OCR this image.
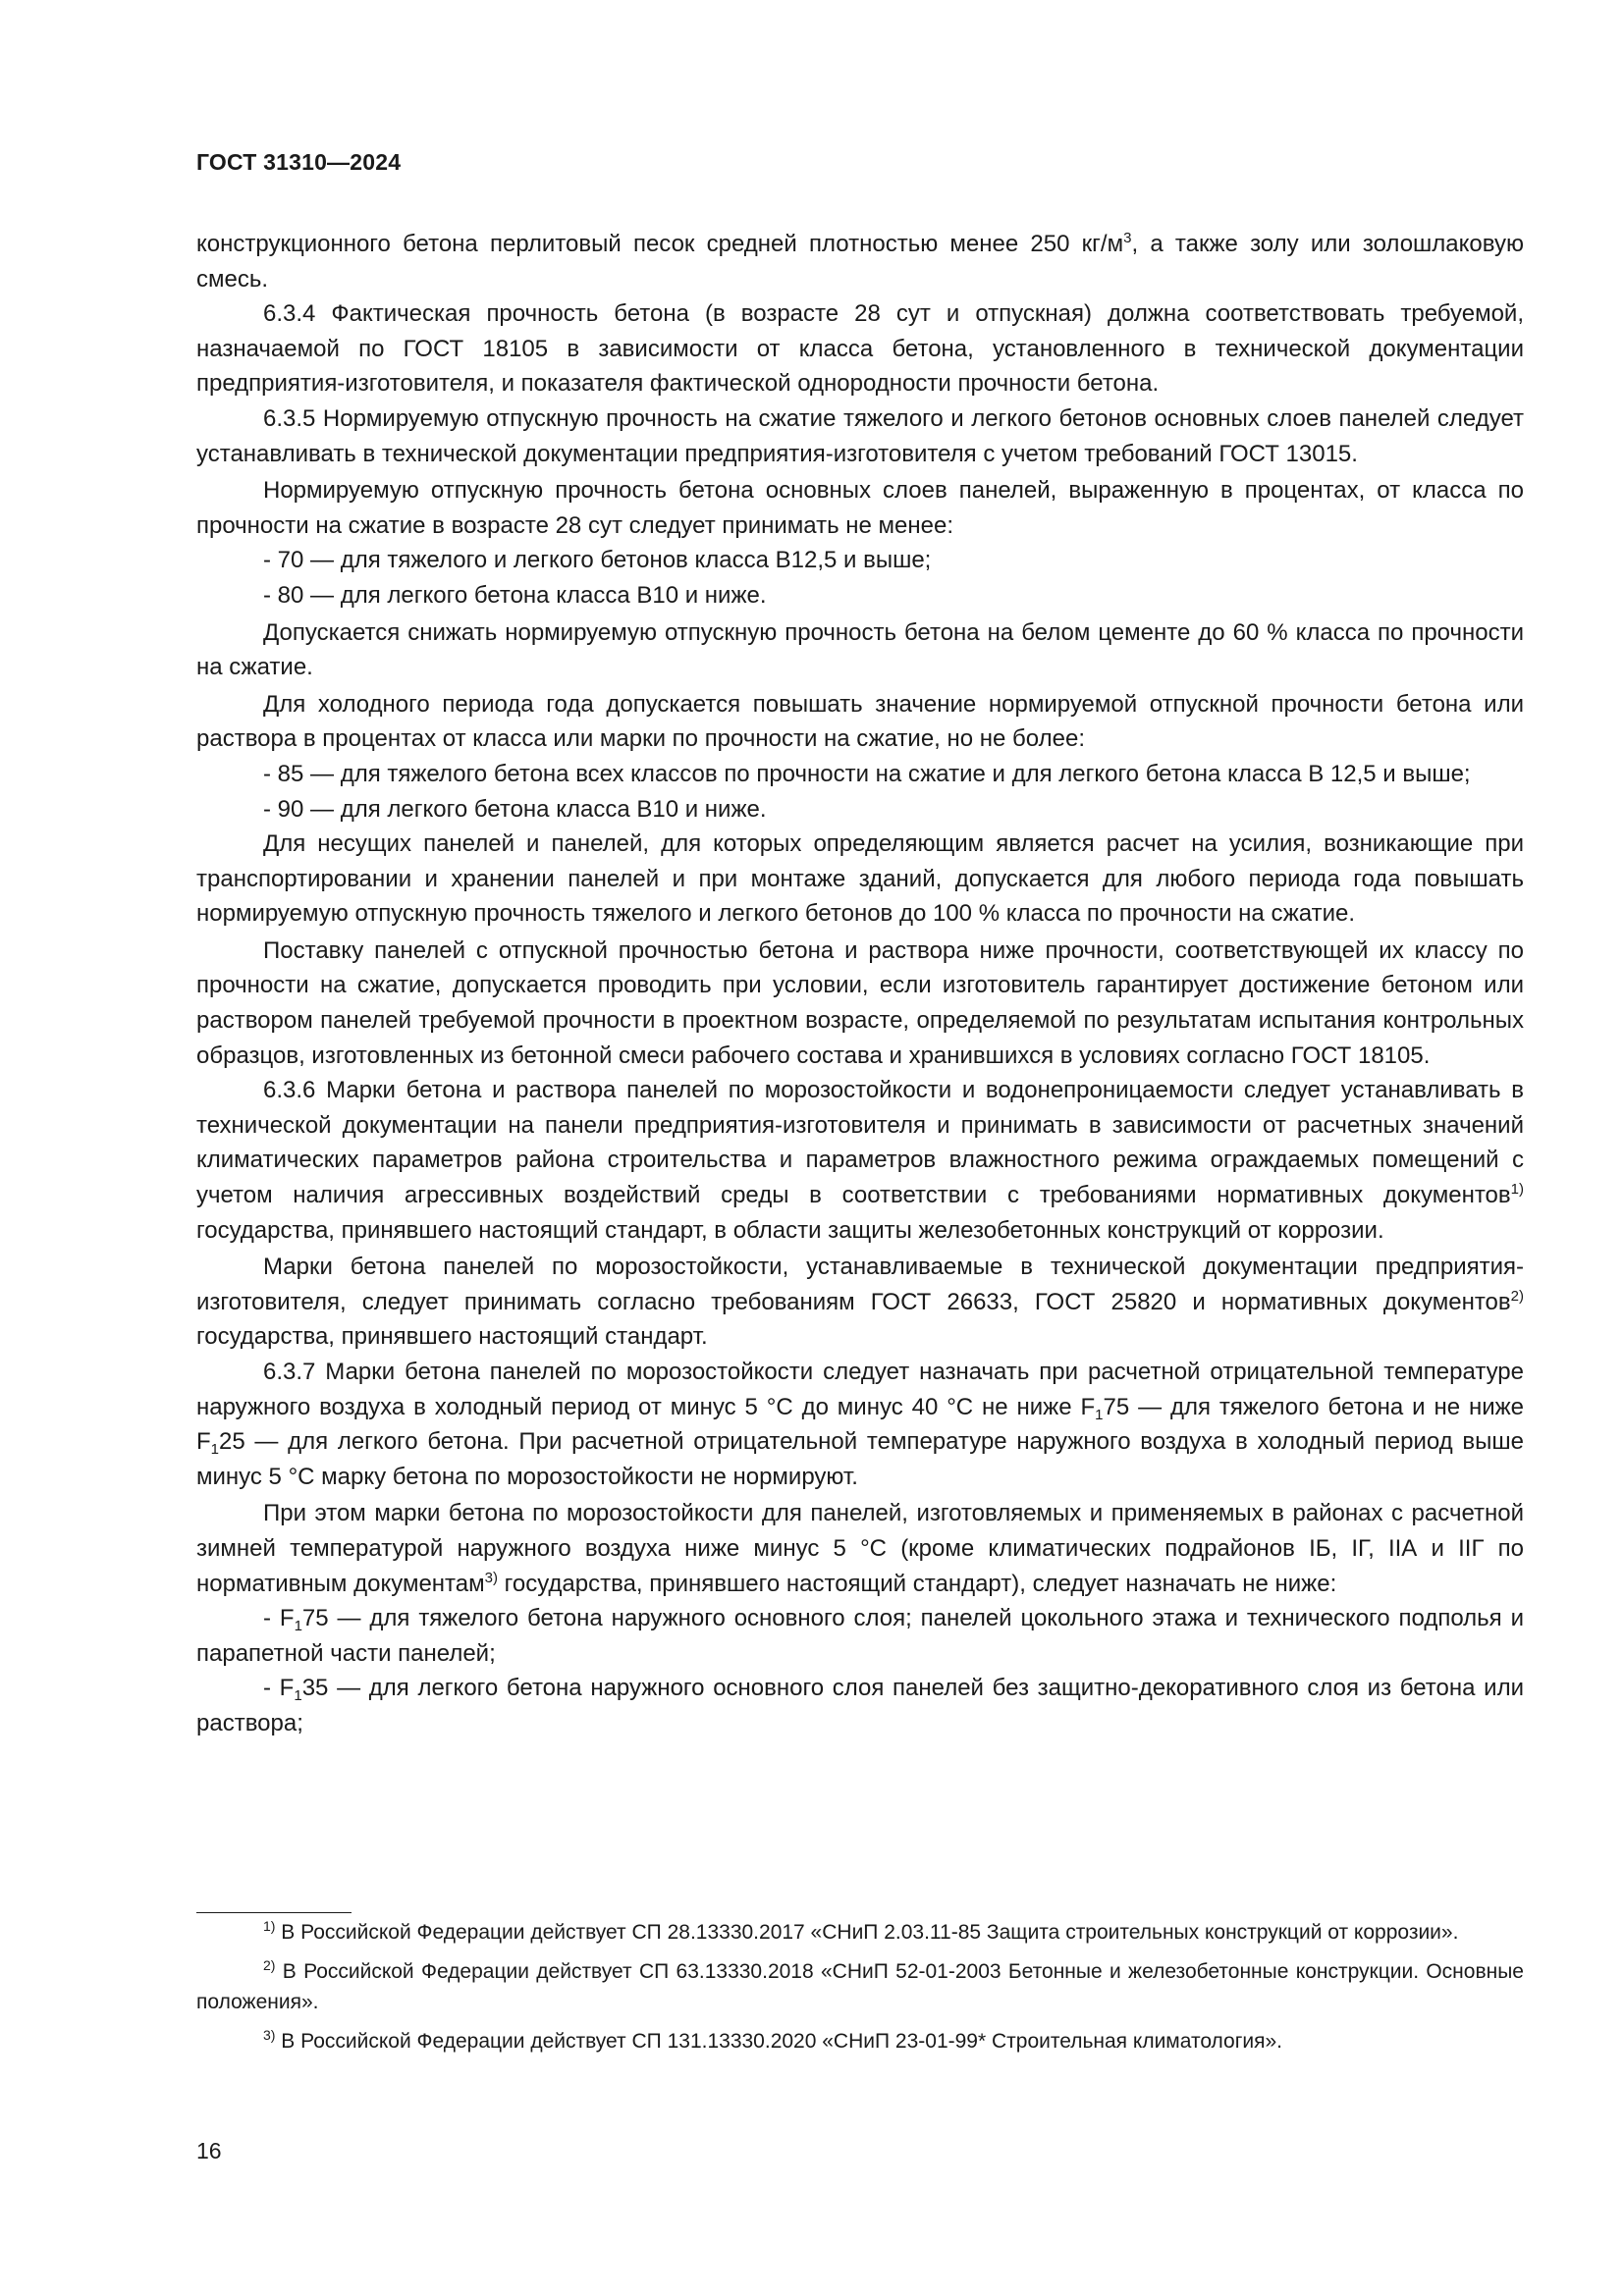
ГОСТ 31310—2024

конструкционного бетона перлитовый песок средней плотностью менее 250 $кг/м^3$, а также золу или золошлаковую смесь.

6.3.4 Фактическая прочность бетона (в возрасте 28 сут и отпускная) должна соответствовать требуемой, назначаемой по ГОСТ 18105 в зависимости от класса бетона, установленного в технической документации предприятия-изготовителя, и показателя фактической однородности прочности бетона.

6.3.5 Нормируемую отпускную прочность на сжатие тяжелого и легкого бетонов основных слоев панелей следует устанавливать в технической документации предприятия-изготовителя с учетом требований ГОСТ 13015.

Нормируемую отпускную прочность бетона основных слоев панелей, выраженную в процентах, от класса по прочности на сжатие в возрасте 28 сут следует принимать не менее:

- 70 — для тяжелого и легкого бетонов класса В12,5 и выше;

- 80 — для легкого бетона класса В10 и ниже.

Допускается снижать нормируемую отпускную прочность бетона на белом цементе до 60 % класса по прочности на сжатие.

Для холодного периода года допускается повышать значение нормируемой отпускной прочности бетона или раствора в процентах от класса или марки по прочности на сжатие, но не более:

- 85 — для тяжелого бетона всех классов по прочности на сжатие и для легкого бетона класса В 12,5 и выше;

- 90 — для легкого бетона класса В10 и ниже.

Для несущих панелей и панелей, для которых определяющим является расчет на усилия, возникающие при транспортировании и хранении панелей и при монтаже зданий, допускается для любого периода года повышать нормируемую отпускную прочность тяжелого и легкого бетонов до 100 % класса по прочности на сжатие.

Поставку панелей с отпускной прочностью бетона и раствора ниже прочности, соответствующей их классу по прочности на сжатие, допускается проводить при условии, если изготовитель гарантирует достижение бетоном или раствором панелей требуемой прочности в проектном возрасте, определяемой по результатам испытания контрольных образцов, изготовленных из бетонной смеси рабочего состава и хранившихся в условиях согласно ГОСТ 18105.

6.3.6 Марки бетона и раствора панелей по морозостойкости и водонепроницаемости следует устанавливать в технической документации на панели предприятия-изготовителя и принимать в зависимости от расчетных значений климатических параметров района строительства и параметров влажностного режима ограждаемых помещений с учетом наличия агрессивных воздействий среды в соответствии с требованиями нормативных документов$^{1)}$ государства, принявшего настоящий стандарт, в области защиты железобетонных конструкций от коррозии.

Марки бетона панелей по морозостойкости, устанавливаемые в технической документации предприятия-изготовителя, следует принимать согласно требованиям ГОСТ 26633, ГОСТ 25820 и нормативных документов$^{2)}$ государства, принявшего настоящий стандарт.

6.3.7 Марки бетона панелей по морозостойкости следует назначать при расчетной отрицательной температуре наружного воздуха в холодный период от минус 5 °С до минус 40 °С не ниже $F_175$ — для тяжелого бетона и не ниже $F_125$ — для легкого бетона. При расчетной отрицательной температуре наружного воздуха в холодный период выше минус 5 °С марку бетона по морозостойкости не нормируют.

При этом марки бетона по морозостойкости для панелей, изготовляемых и применяемых в районах с расчетной зимней температурой наружного воздуха ниже минус 5 °С (кроме климатических подрайонов IБ, IГ, IIА и IIГ по нормативным документам$^{3)}$ государства, принявшего настоящий стандарт), следует назначать не ниже:

- $F_175$ — для тяжелого бетона наружного основного слоя; панелей цокольного этажа и технического подполья и парапетной части панелей;

- $F_135$ — для легкого бетона наружного основного слоя панелей без защитно-декоративного слоя из бетона или раствора;

$^{1)}$ В Российской Федерации действует СП 28.13330.2017 «СНиП 2.03.11-85 Защита строительных конструкций от коррозии».

$^{2)}$ В Российской Федерации действует СП 63.13330.2018 «СНиП 52-01-2003 Бетонные и железобетонные конструкции. Основные положения».

$^{3)}$ В Российской Федерации действует СП 131.13330.2020 «СНиП 23-01-99* Строительная климатология».

16
